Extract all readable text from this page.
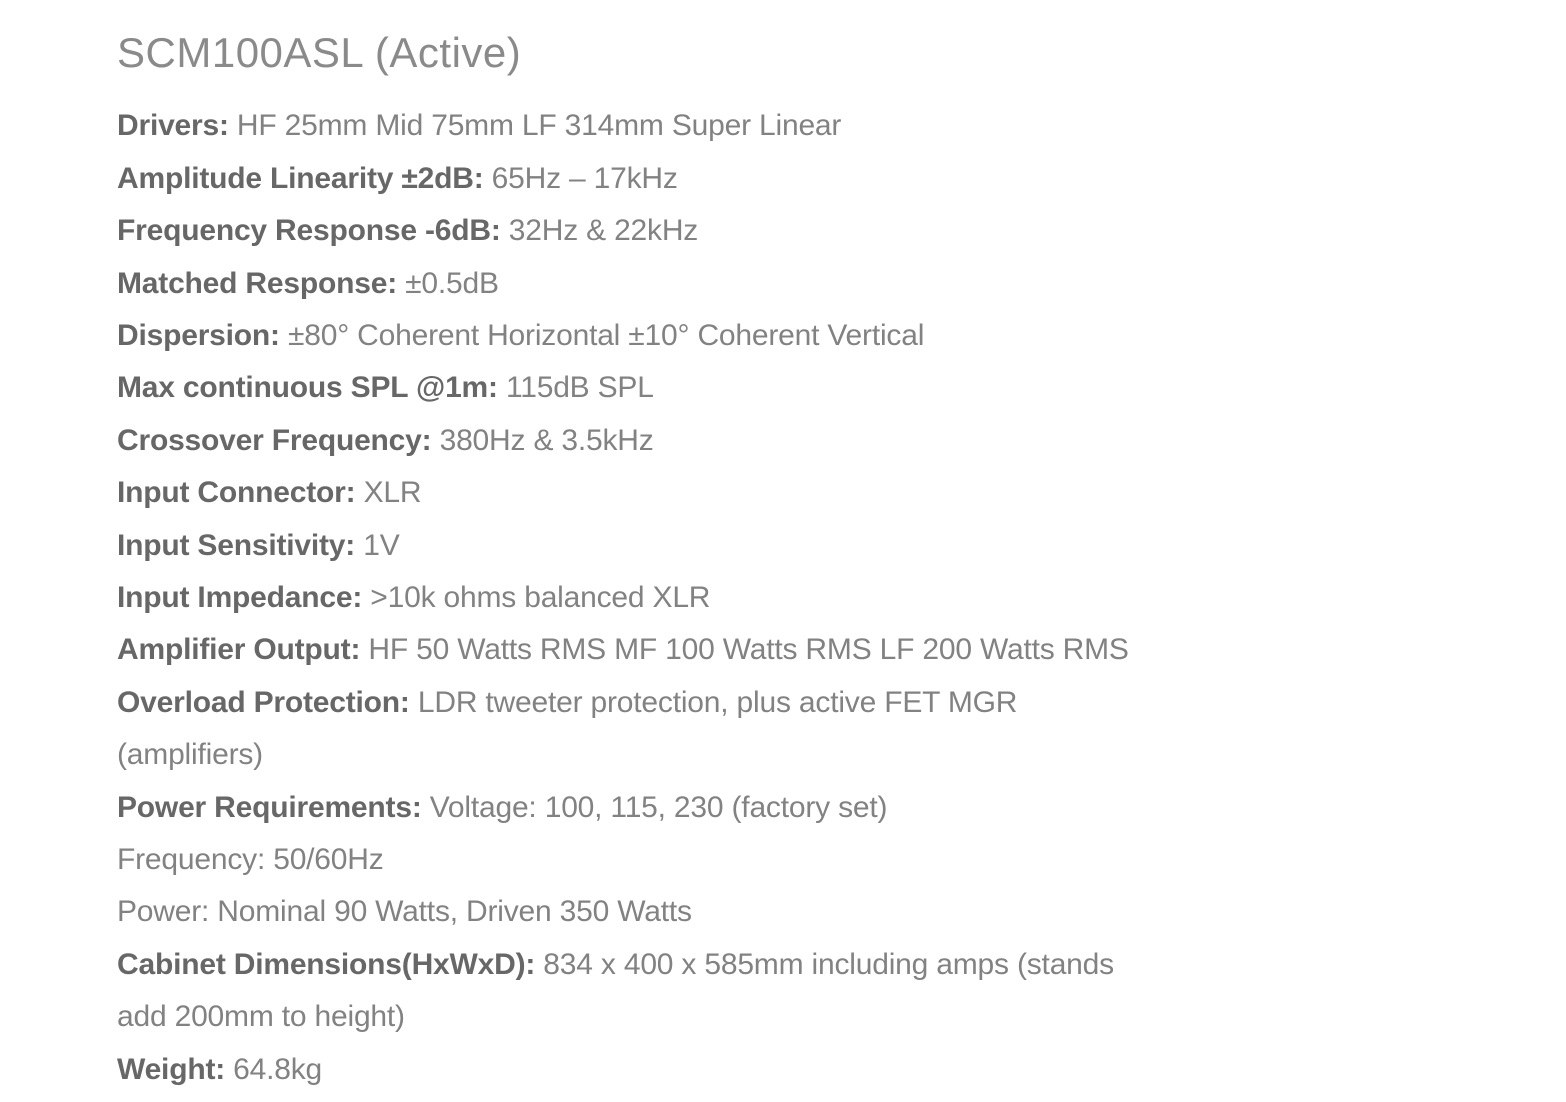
SCM100ASL (Active)
Drivers: HF 25mm Mid 75mm LF 314mm Super Linear
Amplitude Linearity ±2dB: 65Hz – 17kHz
Frequency Response -6dB: 32Hz & 22kHz
Matched Response: ±0.5dB
Dispersion: ±80° Coherent Horizontal ±10° Coherent Vertical
Max continuous SPL @1m: 115dB SPL
Crossover Frequency: 380Hz & 3.5kHz
Input Connector: XLR
Input Sensitivity: 1V
Input Impedance: >10k ohms balanced XLR
Amplifier Output: HF 50 Watts RMS MF 100 Watts RMS LF 200 Watts RMS
Overload Protection: LDR tweeter protection, plus active FET MGR
(amplifiers)
Power Requirements: Voltage: 100, 115, 230 (factory set)
Frequency: 50/60Hz
Power: Nominal 90 Watts, Driven 350 Watts
Cabinet Dimensions(HxWxD): 834 x 400 x 585mm including amps (stands
add 200mm to height)
Weight: 64.8kg
